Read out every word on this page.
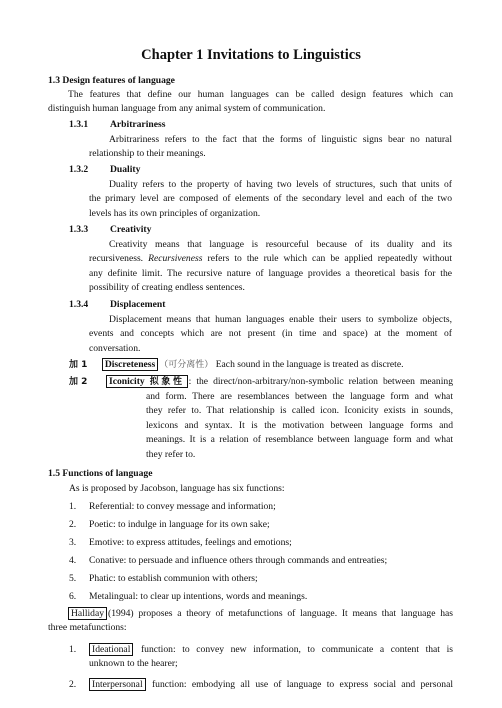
Chapter 1 Invitations to Linguistics
1.3 Design features of language
The features that define our human languages can be called design features which can
distinguish human language from any animal system of communication.
1.3.1 Arbitrariness
Arbitrariness refers to the fact that the forms of linguistic signs bear no natural
relationship to their meanings.
1.3.2 Duality
Duality refers to the property of having two levels of structures, such that units of
the primary level are composed of elements of the secondary level and each of the two
levels has its own principles of organization.
1.3.3 Creativity
Creativity means that language is resourceful because of its duality and its
recursiveness. Recursiveness refers to the rule which can be applied repeatedly without
any definite limit. The recursive nature of language provides a theoretical basis for the
possibility of creating endless sentences.
1.3.4 Displacement
Displacement means that human languages enable their users to symbolize objects,
events and concepts which are not present (in time and space) at the moment of
conversation.
加 1 Discreteness （可分离性） Each sound in the language is treated as discrete.
加 2	Iconicity 拟象性 : the direct/non-arbitrary/non-symbolic relation between meaning
and form. There are resemblances between the language form and what
they refer to. That relationship is called icon. Iconicity exists in sounds,
lexicons and syntax. It is the motivation between language forms and
meanings. It is a relation of resemblance between language form and what
they refer to.
1.5 Functions of language
As is proposed by Jacobson, language has six functions:
1. Referential: to convey message and information;
2. Poetic: to indulge in language for its own sake;
3. Emotive: to express attitudes, feelings and emotions;
4. Conative: to persuade and influence others through commands and entreaties;
5. Phatic: to establish communion with others;
6. Metalingual: to clear up intentions, words and meanings.
Halliday (1994) proposes a theory of metafunctions of language. It means that language has
three metafunctions:
1.	Ideational function: to convey new information, to communicate a content that is
unknown to the hearer;
2.	Interpersonal function: embodying all use of language to express social and personal
